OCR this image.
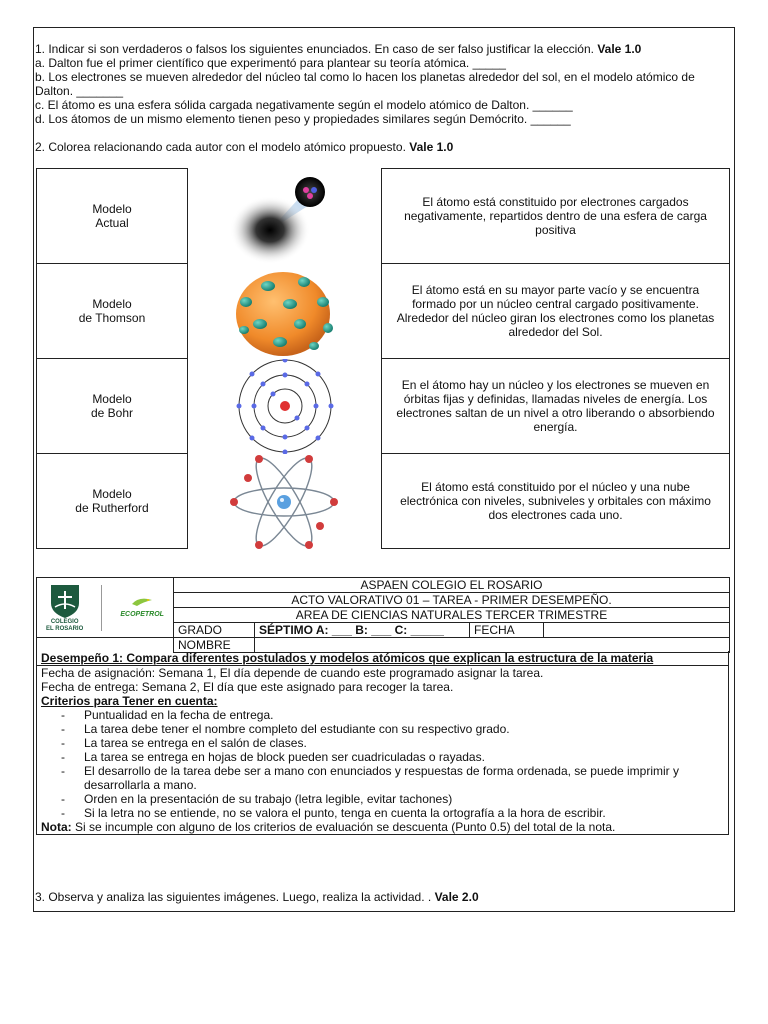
1. Indicar si son verdaderos o falsos los siguientes enunciados. En caso de ser falso justificar la elección. Vale 1.0
a. Dalton fue el primer científico que experimentó para plantear su teoría atómica. _____
b. Los electrones se mueven alrededor del núcleo tal como lo hacen los planetas alrededor del sol, en el modelo atómico de
Dalton. _______
c. El átomo es una esfera sólida cargada negativamente según el modelo atómico de Dalton. ______
d. Los átomos de un mismo elemento tienen peso y propiedades similares según Demócrito. ______
2. Colorea relacionando cada autor con el modelo atómico propuesto. Vale 1.0
Modelo
Actual		El átomo está constituido por electrones cargados negativamente, repartidos dentro de una esfera de carga positiva
Modelo
de Thomson		El átomo está en su mayor parte vacío y se encuentra formado por un núcleo central cargado positivamente. Alrededor del núcleo giran los electrones como los planetas alrededor del Sol.
Modelo
de Bohr		En el átomo hay un núcleo y los electrones se mueven en órbitas fijas y definidas, llamadas niveles de energía. Los electrones saltan de un nivel a otro liberando o absorbiendo energía.
Modelo
de Rutherford		El átomo está constituido por el núcleo y una nube electrónica con niveles, subniveles y orbitales con máximo dos electrones cada uno.
COLEGIO
EL ROSARIO
ECOPETROL	ASPAEN COLEGIO EL ROSARIO			
	ACTO VALORATIVO 01 – TAREA - PRIMER DESEMPEÑO.			
	AREA DE CIENCIAS NATURALES TERCER TRIMESTRE			
	GRADO	SÉPTIMO A: ___ B: ___ C: _____	FECHA	
	NOMBRE			
Desempeño 1: Compara diferentes postulados y modelos atómicos que explican la estructura de la materia
Fecha de asignación: Semana 1, El día depende de cuando este programado asignar la tarea.
Fecha de entrega: Semana 2, El día que este asignado para recoger la tarea.
Criterios para Tener en cuenta:
- Puntualidad en la fecha de entrega.
- La tarea debe tener el nombre completo del estudiante con su respectivo grado.
- La tarea se entrega en el salón de clases.
- La tarea se entrega en hojas de block pueden ser cuadriculadas o rayadas.
- El desarrollo de la tarea debe ser a mano con enunciados y respuestas de forma ordenada, se puede imprimir y desarrollarla a mano.
- Orden en la presentación de su trabajo (letra legible, evitar tachones)
- Si la letra no se entiende, no se valora el punto, tenga en cuenta la ortografía a la hora de escribir.
Nota: Si se incumple con alguno de los criterios de evaluación se descuenta (Punto 0.5) del total de la nota.
3. Observa y analiza las siguientes imágenes. Luego, realiza la actividad. . Vale 2.0
